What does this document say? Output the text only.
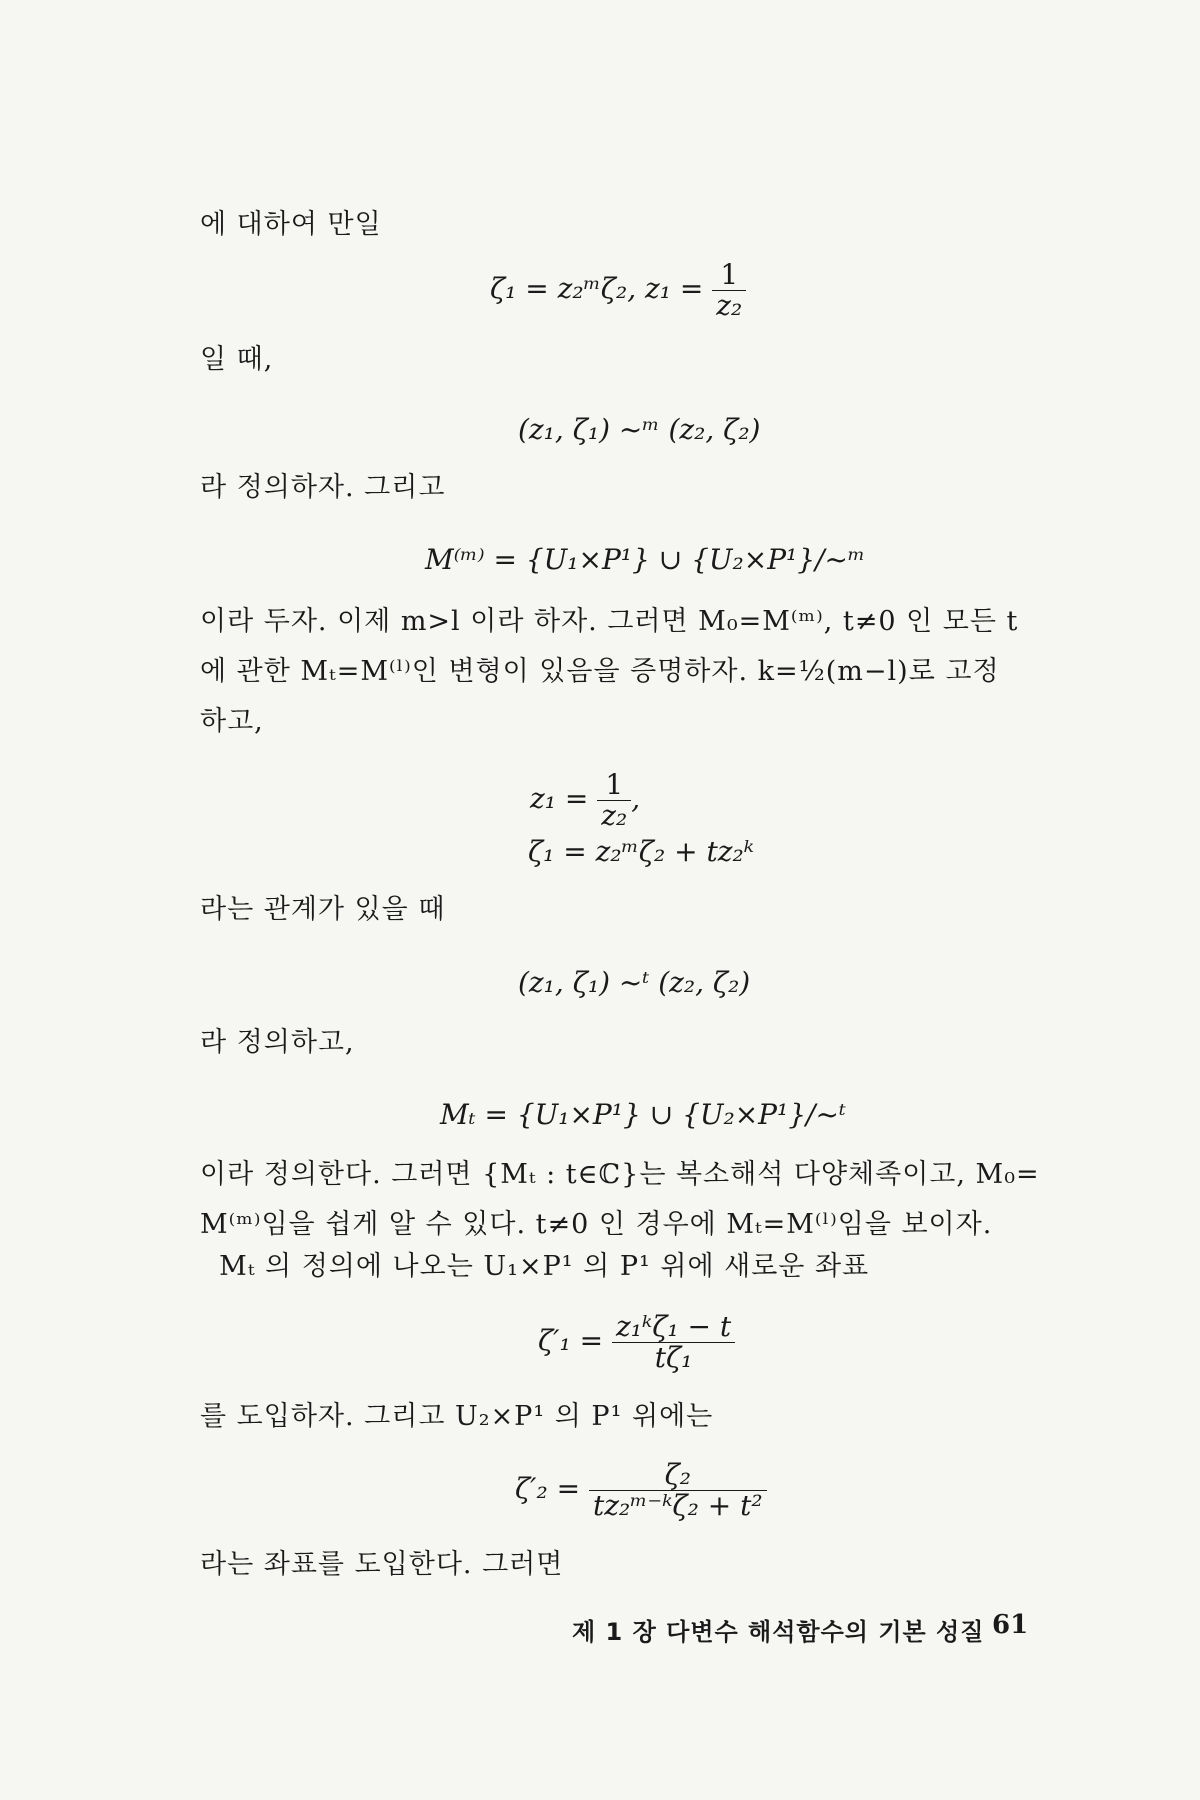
에 대하여 만일
ζ₁ = z₂ᵐζ₂, $z_1 = \frac{1}{\text{z₂}}$
일 때,
(z₁, ζ₁) ~ᵐ (z₂, ζ₂)
라 정의하자. 그리고
M⁽ᵐ⁾ = {U₁×P¹} ∪ {U₂×P¹}/~ᵐ
이라 두자. 이제 m>l 이라 하자. 그러면 M₀=M⁽ᵐ⁾, t≠0 인 모든 t
에 관한 Mₜ=M⁽ˡ⁾인 변형이 있음을 증명하자. k=½(m−l)로 고정
하고,
$z_1 = \frac{1}{\text{z₂}}$ ,
ζ₁ = z₂ᵐζ₂ + tz₂ᵏ
라는 관계가 있을 때
(z₁, ζ₁) ~ᵗ (z₂, ζ₂)
라 정의하고,
Mₜ = {U₁×P¹} ∪ {U₂×P¹}/~ᵗ
이라 정의한다. 그러면 {Mₜ : t∈ℂ}는 복소해석 다양체족이고, M₀=
M⁽ᵐ⁾임을 쉽게 알 수 있다. t≠0 인 경우에 Mₜ=M⁽ˡ⁾임을 보이자.
Mₜ 의 정의에 나오는 U₁×P¹ 의 P¹ 위에 새로운 좌표
$\zeta'_1 = \frac{\text{z₁ᵏζ₁ − t}}{\text{tζ₁}}$
를 도입하자. 그리고 U₂×P¹ 의 P¹ 위에는
$\zeta'_2 = \frac{\text{ζ₂}}{\text{tz₂ᵐ⁻ᵏζ₂ + t²}}$
라는 좌표를 도입한다. 그러면
제 1 장 다변수 해석함수의 기본 성질 61
